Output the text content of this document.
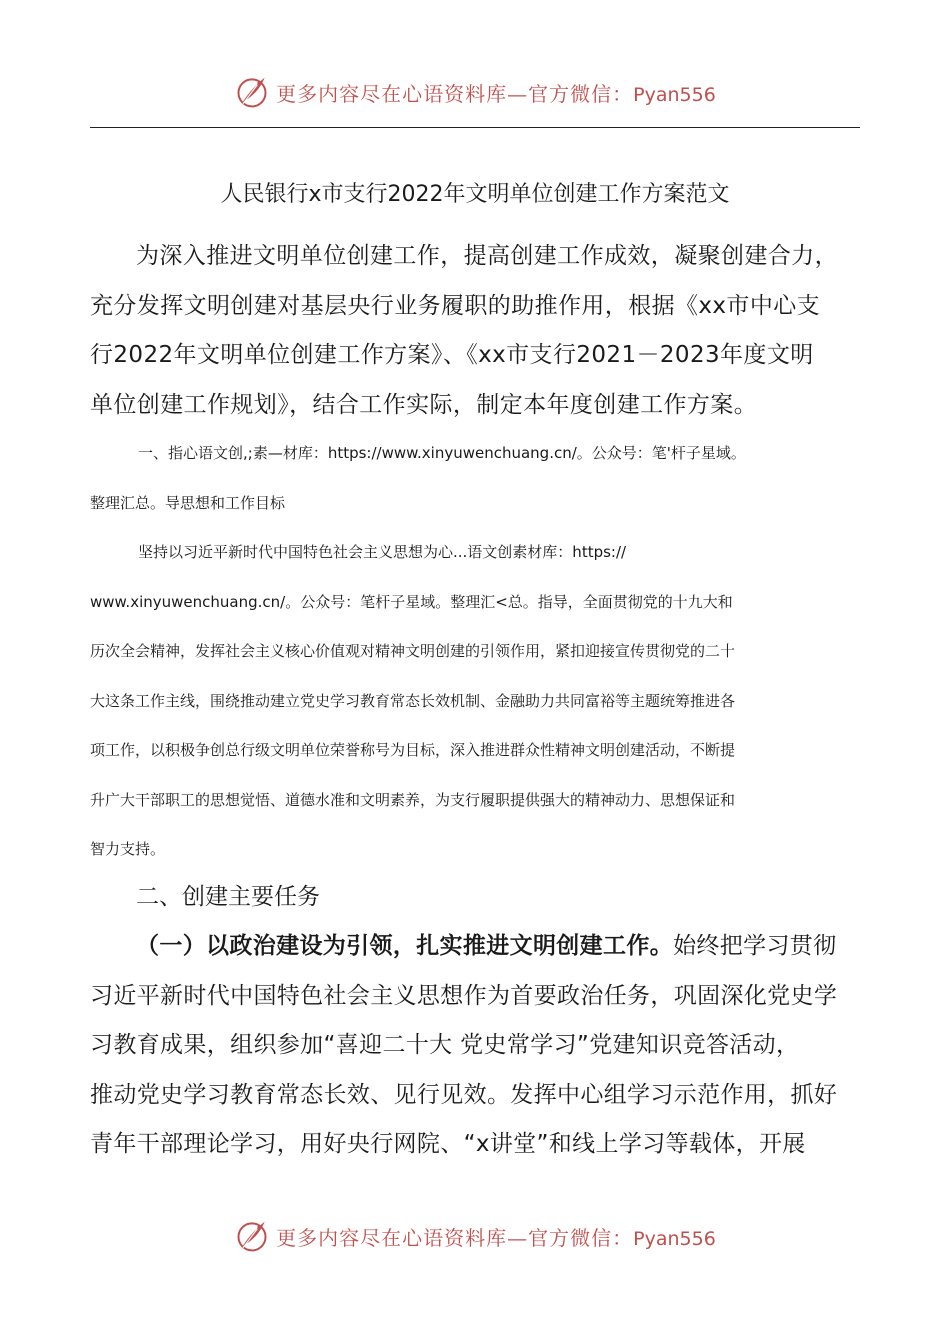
更多内容尽在心语资料库—官方微信：Pyan556
人民银行x市支行2022年文明单位创建工作方案范文

为深入推进文明单位创建工作，提高创建工作成效，凝聚创建合力，
充分发挥文明创建对基层央行业务履职的助推作用，根据《xx市中心支
行2022年文明单位创建工作方案》、《xx市支行2021－2023年度文明
单位创建工作规划》，结合工作实际，制定本年度创建工作方案。

一、指心语文创,;素—材库：https://www.xinyuwenchuang.cn/。公众号：笔'杆子星域。
整理汇总。导思想和工作目标

坚持以习近平新时代中国特色社会主义思想为心...语文创素材库：https://
www.xinyuwenchuang.cn/。公众号：笔杆子星域。整理汇<总。指导，全面贯彻党的十九大和
历次全会精神，发挥社会主义核心价值观对精神文明创建的引领作用，紧扣迎接宣传贯彻党的二十
大这条工作主线，围绕推动建立党史学习教育常态长效机制、金融助力共同富裕等主题统筹推进各
项工作，以积极争创总行级文明单位荣誉称号为目标，深入推进群众性精神文明创建活动，不断提
升广大干部职工的思想觉悟、道德水准和文明素养，为支行履职提供强大的精神动力、思想保证和
智力支持。

二、创建主要任务

（一）以政治建设为引领，扎实推进文明创建工作。始终把学习贯彻
习近平新时代中国特色社会主义思想作为首要政治任务，巩固深化党史学
习教育成果，组织参加“喜迎二十大 党史常学习”党建知识竞答活动，
推动党史学习教育常态长效、见行见效。发挥中心组学习示范作用，抓好
青年干部理论学习，用好央行网院、“x讲堂”和线上学习等载体，开展

更多内容尽在心语资料库—官方微信：Pyan556
